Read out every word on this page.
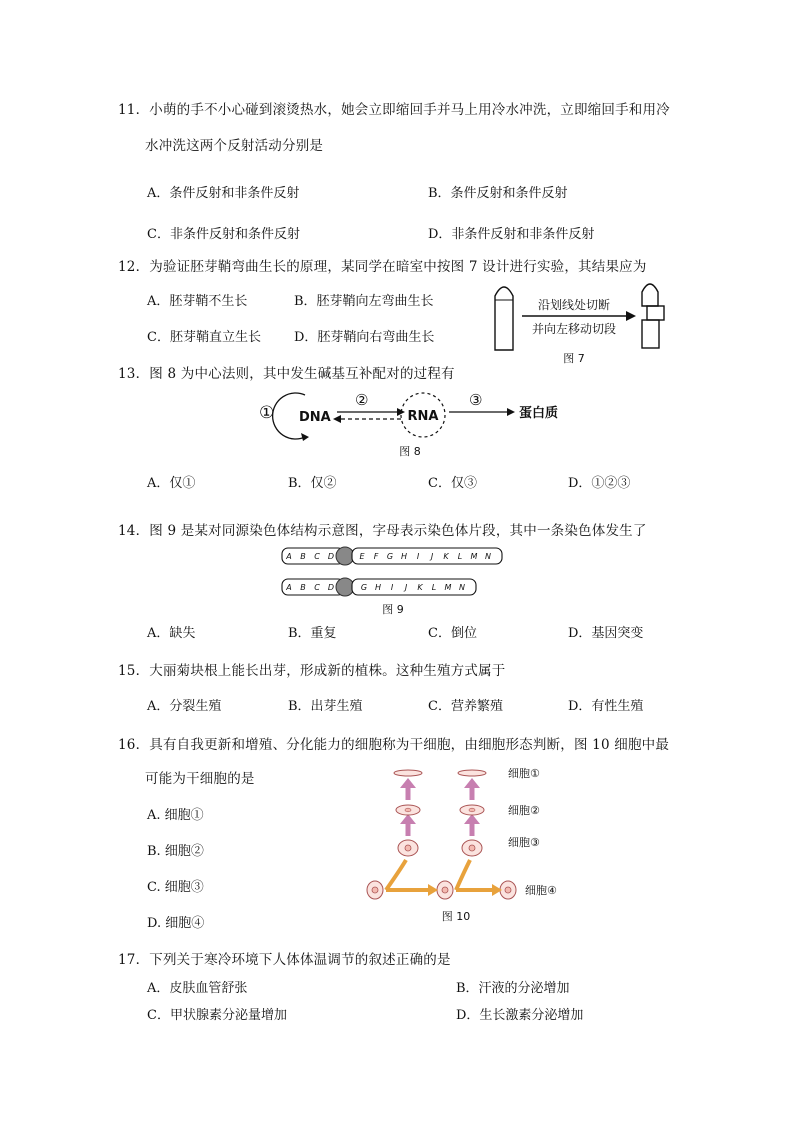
11．小萌的手不小心碰到滚烫热水，她会立即缩回手并马上用冷水冲洗，立即缩回手和用冷
水冲洗这两个反射活动分别是
A．条件反射和非条件反射	B．条件反射和条件反射
C．非条件反射和条件反射	D．非条件反射和非条件反射
12．为验证胚芽鞘弯曲生长的原理，某同学在暗室中按图 7 设计进行实验，其结果应为
A．胚芽鞘不生长	B．胚芽鞘向左弯曲生长
C．胚芽鞘直立生长	D．胚芽鞘向右弯曲生长
沿划线处切断
并向左移动切段
图 7
13．图 8 为中心法则，其中发生碱基互补配对的过程有
① DNA
②
RNA
③
蛋白质
图 8
A．仅①	B．仅②	C．仅③	D．①②③
14．图 9 是某对同源染色体结构示意图，字母表示染色体片段，其中一条染色体发生了
A B C D	E F G H I J K L M N
A B C D	G H I J K L M N
图 9
A．缺失	B．重复	C．倒位	D．基因突变
15．大丽菊块根上能长出芽，形成新的植株。这种生殖方式属于
A．分裂生殖	B．出芽生殖	C．营养繁殖	D．有性生殖
16．具有自我更新和增殖、分化能力的细胞称为干细胞，由细胞形态判断，图 10 细胞中最
可能为干细胞的是
A. 细胞①
B. 细胞②
C. 细胞③
D. 细胞④
细胞①
细胞②
细胞③
细胞④
图 10
17．下列关于寒冷环境下人体体温调节的叙述正确的是
A．皮肤血管舒张	B．汗液的分泌增加
C．甲状腺素分泌量增加	D．生长激素分泌增加
